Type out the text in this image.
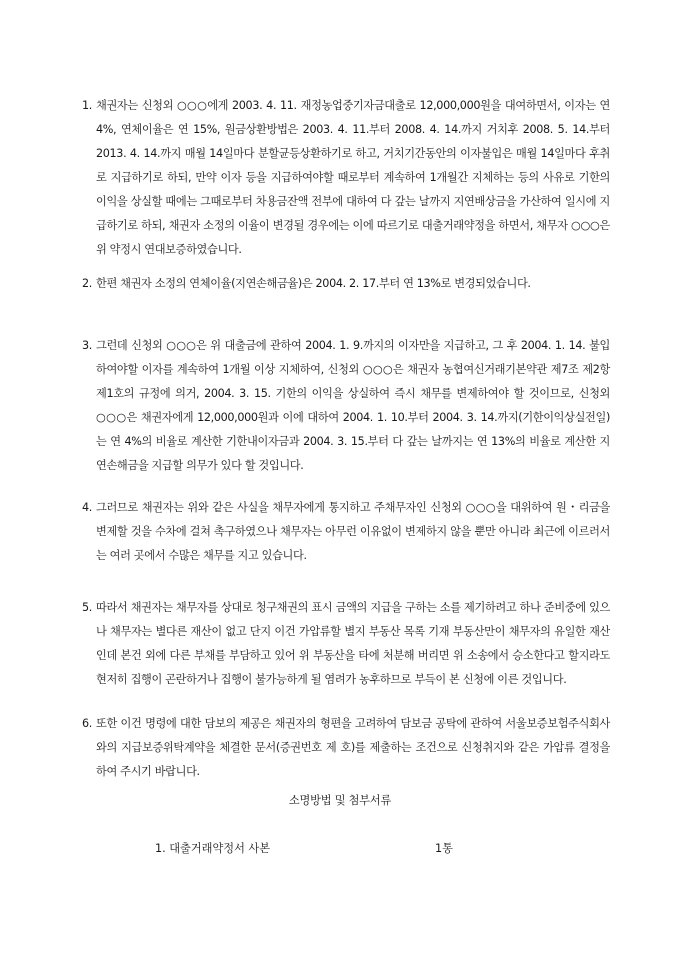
1. 채권자는 신청외 ○○○에게 2003. 4. 11. 재정농업중기자금대출로 12,000,000원을 대여하면서, 이자는 연 4%, 연체이율은 연 15%, 원금상환방법은 2003. 4. 11.부터 2008. 4. 14.까지 거치후 2008. 5. 14.부터 2013. 4. 14.까지 매월 14일마다 분할균등상환하기로 하고, 거치기간동안의 이자불입은 매월 14일마다 후취로 지급하기로 하되, 만약 이자 등을 지급하여야할 때로부터 계속하여 1개월간 지체하는 등의 사유로 기한의 이익을 상실할 때에는 그때로부터 차용금잔액 전부에 대하여 다 갚는 날까지 지연배상금을 가산하여 일시에 지급하기로 하되, 채권자 소정의 이율이 변경될 경우에는 이에 따르기로 대출거래약정을 하면서, 채무자 ○○○은 위 약정시 연대보증하였습니다.
2. 한편 채권자 소정의 연체이율(지연손해금율)은 2004. 2. 17.부터 연 13%로 변경되었습니다.
3. 그런데 신청외 ○○○은 위 대출금에 관하여 2004. 1. 9.까지의 이자만을 지급하고, 그 후 2004. 1. 14. 불입하여야할 이자를 계속하여 1개월 이상 지체하여, 신청외 ○○○은 채권자 농협여신거래기본약관 제7조 제2항 제1호의 규정에 의거, 2004. 3. 15. 기한의 이익을 상실하여 즉시 채무를 변제하여야 할 것이므로, 신청외 ○○○은 채권자에게 12,000,000원과 이에 대하여 2004. 1. 10.부터 2004. 3. 14.까지(기한이익상실전일)는 연 4%의 비율로 계산한 기한내이자금과 2004. 3. 15.부터 다 갚는 날까지는 연 13%의 비율로 계산한 지연손해금을 지급할 의무가 있다 할 것입니다.
4. 그러므로 채권자는 위와 같은 사실을 채무자에게 통지하고 주채무자인 신청외 ○○○을 대위하여 원・리금을 변제할 것을 수차에 걸쳐 촉구하였으나 채무자는 아무런 이유없이 변제하지 않을 뿐만 아니라 최근에 이르러서는 여러 곳에서 수많은 채무를 지고 있습니다.
5. 따라서 채권자는 채무자를 상대로 청구채권의 표시 금액의 지급을 구하는 소를 제기하려고 하나 준비중에 있으나 채무자는 별다른 재산이 없고 단지 이건 가압류할 별지 부동산 목록 기재 부동산만이 채무자의 유일한 재산인데 본건 외에 다른 부채를 부담하고 있어 위 부동산을 타에 처분해 버리면 위 소송에서 승소한다고 할지라도 현저히 집행이 곤란하거나 집행이 불가능하게 될 염려가 농후하므로 부득이 본 신청에 이른 것입니다.
6. 또한 이건 명령에 대한 담보의 제공은 채권자의 형편을 고려하여 담보금 공탁에 관하여 서울보증보험주식회사와의 지급보증위탁계약을 체결한 문서(증권번호 제 호)를 제출하는 조건으로 신청취지와 같은 가압류 결정을 하여 주시기 바랍니다.
소명방법 및 첨부서류
1. 대출거래약정서 사본	1통
